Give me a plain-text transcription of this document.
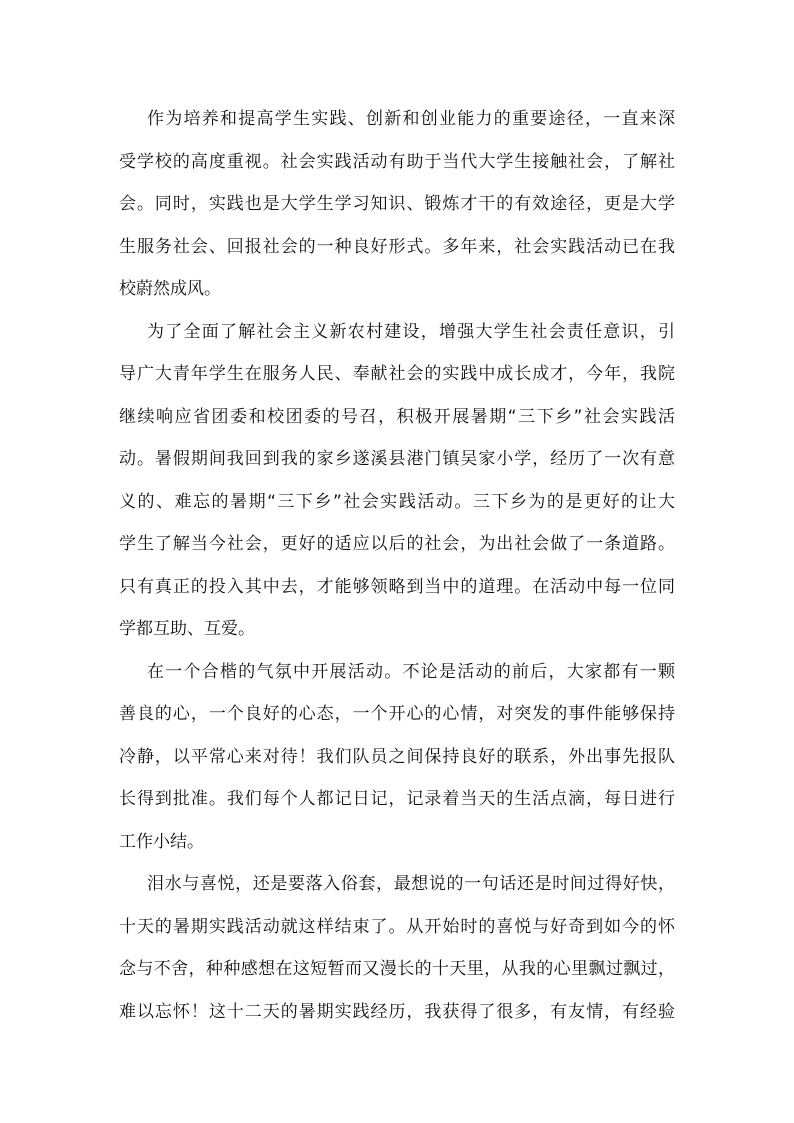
作为培养和提高学生实践、创新和创业能力的重要途径，一直来深
受学校的高度重视。社会实践活动有助于当代大学生接触社会，了解社
会。同时，实践也是大学生学习知识、锻炼才干的有效途径，更是大学
生服务社会、回报社会的一种良好形式。多年来，社会实践活动已在我
校蔚然成风。
为了全面了解社会主义新农村建设，增强大学生社会责任意识，引
导广大青年学生在服务人民、奉献社会的实践中成长成才，今年，我院
继续响应省团委和校团委的号召，积极开展暑期“三下乡”社会实践活
动。暑假期间我回到我的家乡遂溪县港门镇吴家小学，经历了一次有意
义的、难忘的暑期“三下乡”社会实践活动。三下乡为的是更好的让大
学生了解当今社会，更好的适应以后的社会，为出社会做了一条道路。
只有真正的投入其中去，才能够领略到当中的道理。在活动中每一位同
学都互助、互爱。
在一个合楷的气氛中开展活动。不论是活动的前后，大家都有一颗
善良的心，一个良好的心态，一个开心的心情，对突发的事件能够保持
冷静，以平常心来对待！我们队员之间保持良好的联系，外出事先报队
长得到批准。我们每个人都记日记，记录着当天的生活点滴，每日进行
工作小结。
泪水与喜悦，还是要落入俗套，最想说的一句话还是时间过得好快，
十天的暑期实践活动就这样结束了。从开始时的喜悦与好奇到如今的怀
念与不舍，种种感想在这短暂而又漫长的十天里，从我的心里飘过飘过，
难以忘怀！这十二天的暑期实践经历，我获得了很多，有友情，有经验
